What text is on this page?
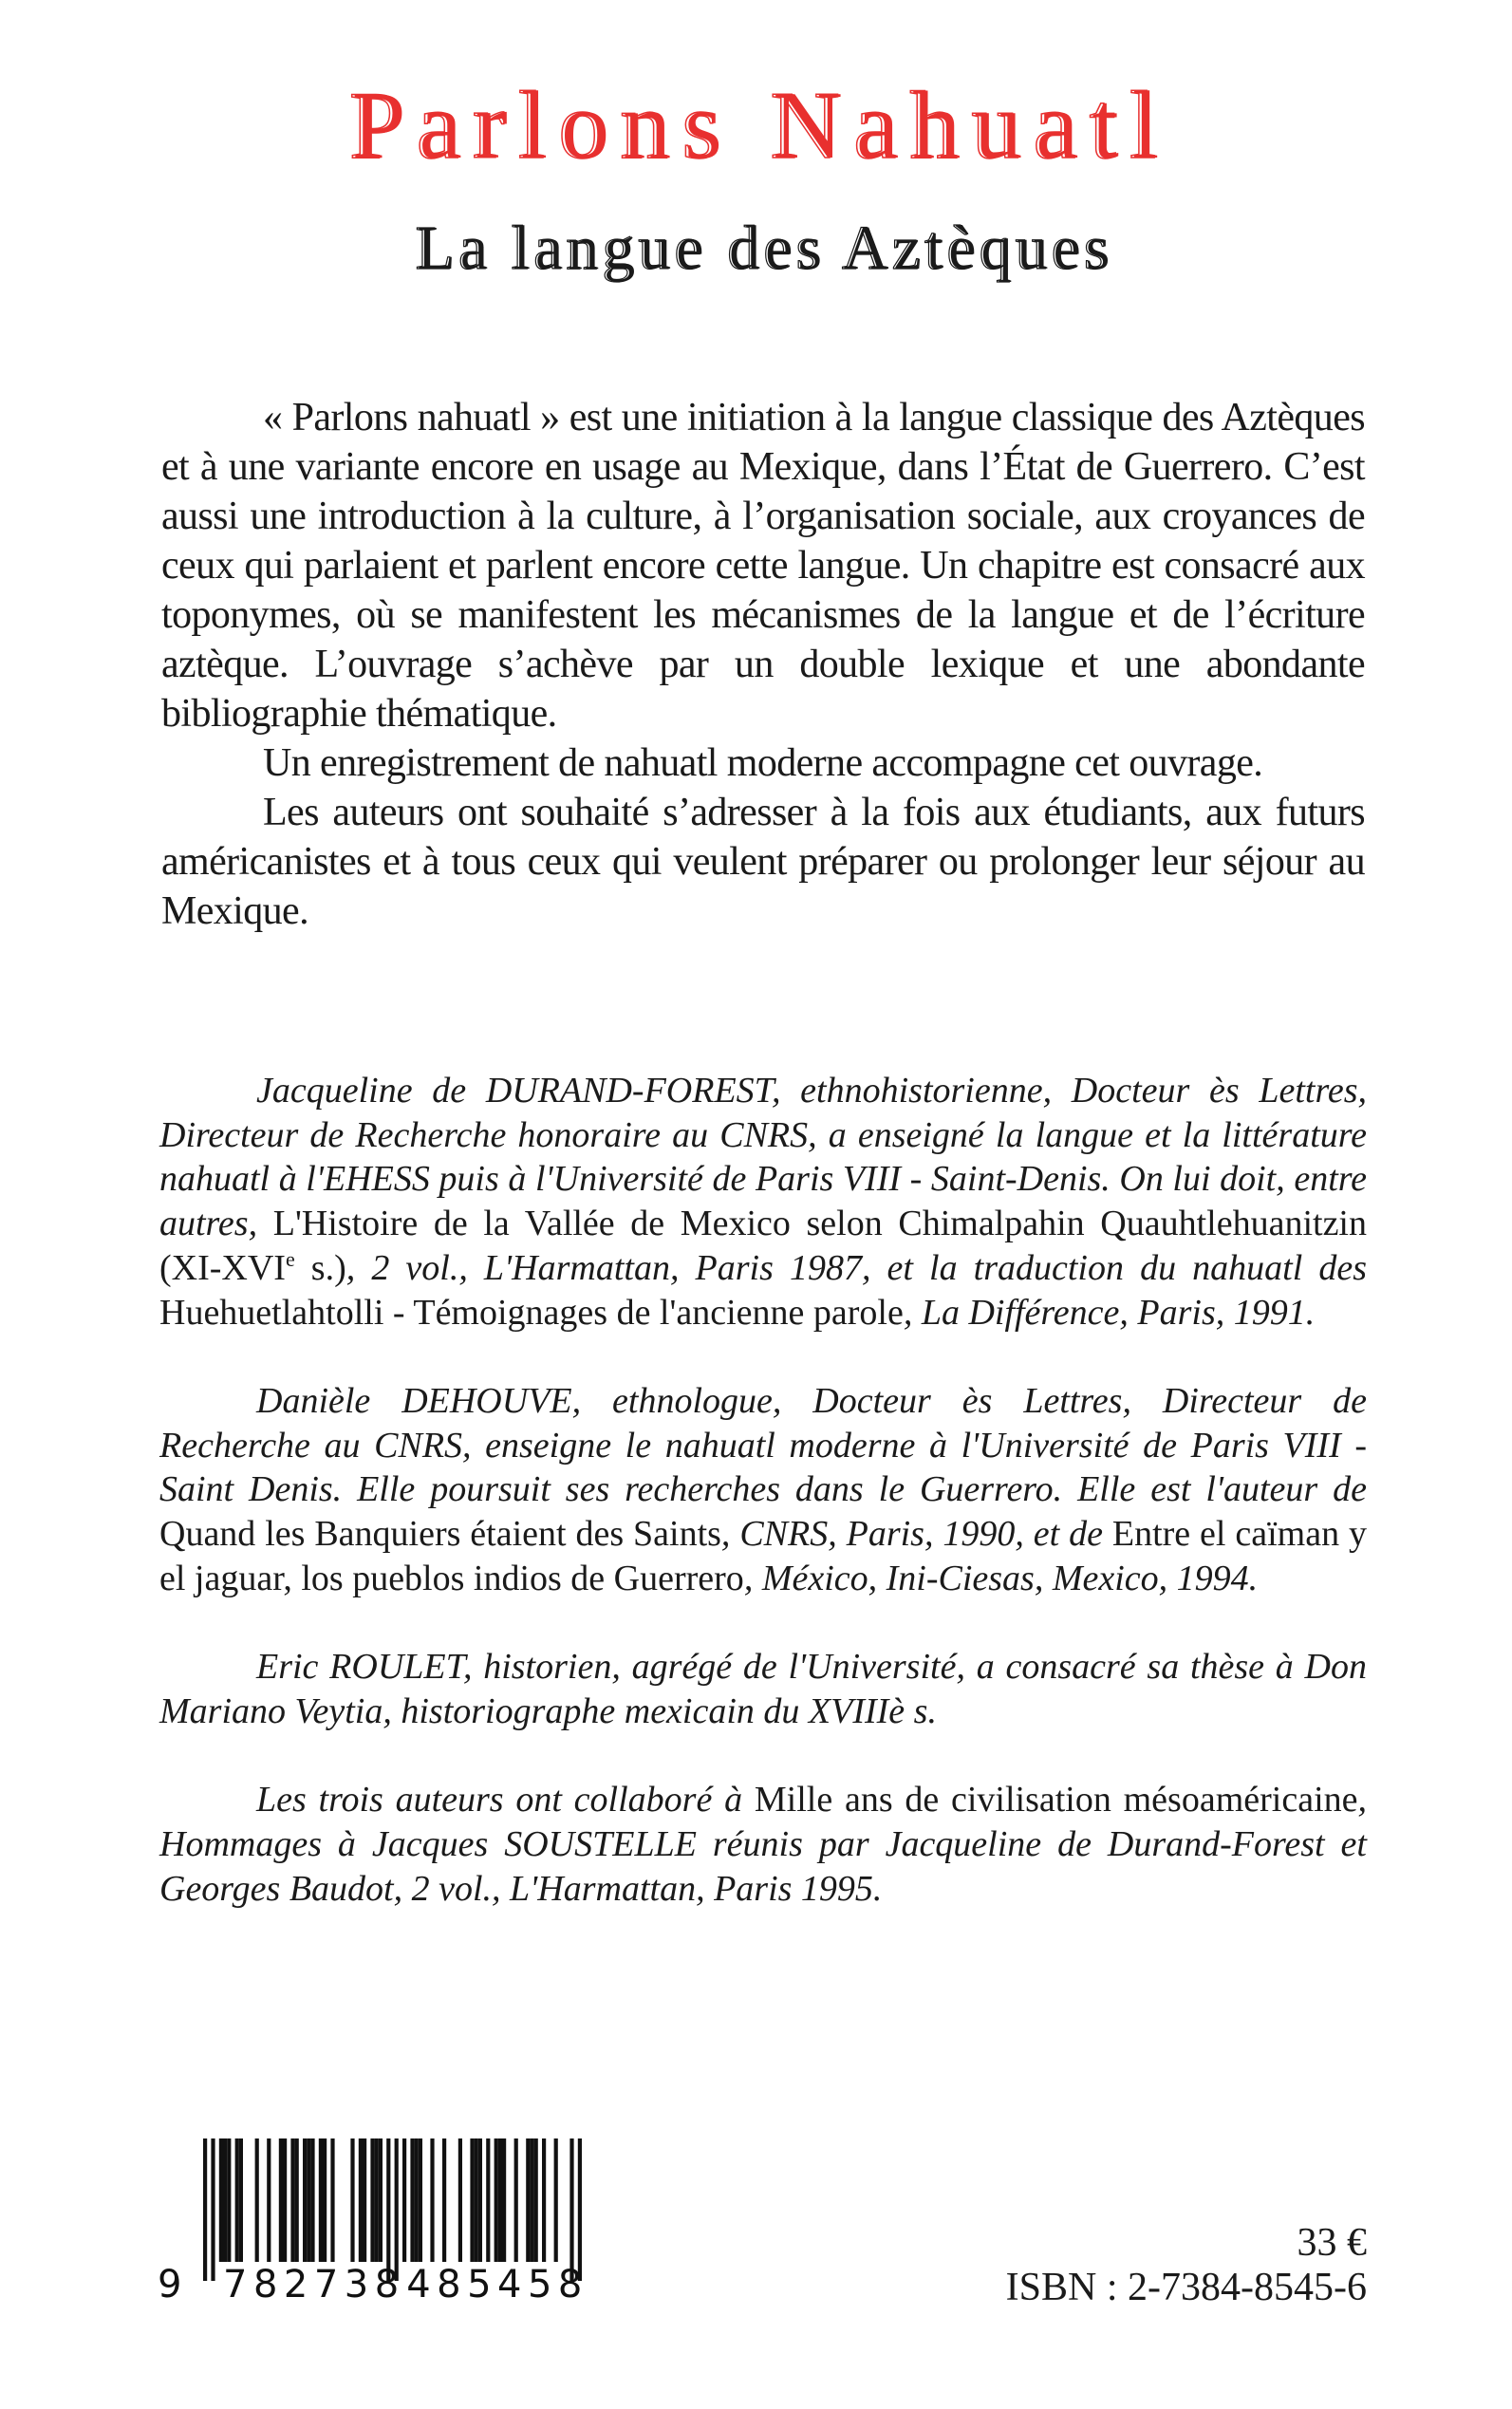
Parlons Nahuatl
La langue des Aztèques

« Parlons nahuatl » est une initiation à la langue classique des Aztèques et à une variante encore en usage au Mexique, dans l’État de Guerrero. C’est aussi une introduction à la culture, à l’organisation sociale, aux croyances de ceux qui parlaient et parlent encore cette langue. Un chapitre est consacré aux toponymes, où se manifestent les mécanismes de la langue et de l’écriture aztèque. L’ouvrage s’achève par un double lexique et une abondante bibliographie thématique.

Un enregistrement de nahuatl moderne accompagne cet ouvrage.

Les auteurs ont souhaité s’adresser à la fois aux étudiants, aux futurs américanistes et à tous ceux qui veulent préparer ou prolonger leur séjour au Mexique.

Jacqueline de DURAND-FOREST, ethnohistorienne, Docteur ès Lettres, Directeur de Recherche honoraire au CNRS, a enseigné la langue et la littérature nahuatl à l'EHESS puis à l'Université de Paris VIII - Saint-Denis. On lui doit, entre autres, L'Histoire de la Vallée de Mexico selon Chimalpahin Quauhtlehuanitzin (XI-XVIe s.), 2 vol., L'Harmattan, Paris 1987, et la traduction du nahuatl des Huehuetlahtolli - Témoignages de l'ancienne parole, La Différence, Paris, 1991.

Danièle DEHOUVE, ethnologue, Docteur ès Lettres, Directeur de Recherche au CNRS, enseigne le nahuatl moderne à l'Université de Paris VIII - Saint Denis. Elle poursuit ses recherches dans le Guerrero. Elle est l'auteur de Quand les Banquiers étaient des Saints, CNRS, Paris, 1990, et de Entre el caïman y el jaguar, los pueblos indios de Guerrero, México, Ini-Ciesas, Mexico, 1994.

Eric ROULET, historien, agrégé de l'Université, a consacré sa thèse à Don Mariano Veytia, historiographe mexicain du XVIIIè s.

Les trois auteurs ont collaboré à Mille ans de civilisation mésoaméricaine, Hommages à Jacques SOUSTELLE réunis par Jacqueline de Durand-Forest et Georges Baudot, 2 vol., L'Harmattan, Paris 1995.

9 782738 485458
33 €
ISBN : 2-7384-8545-6
